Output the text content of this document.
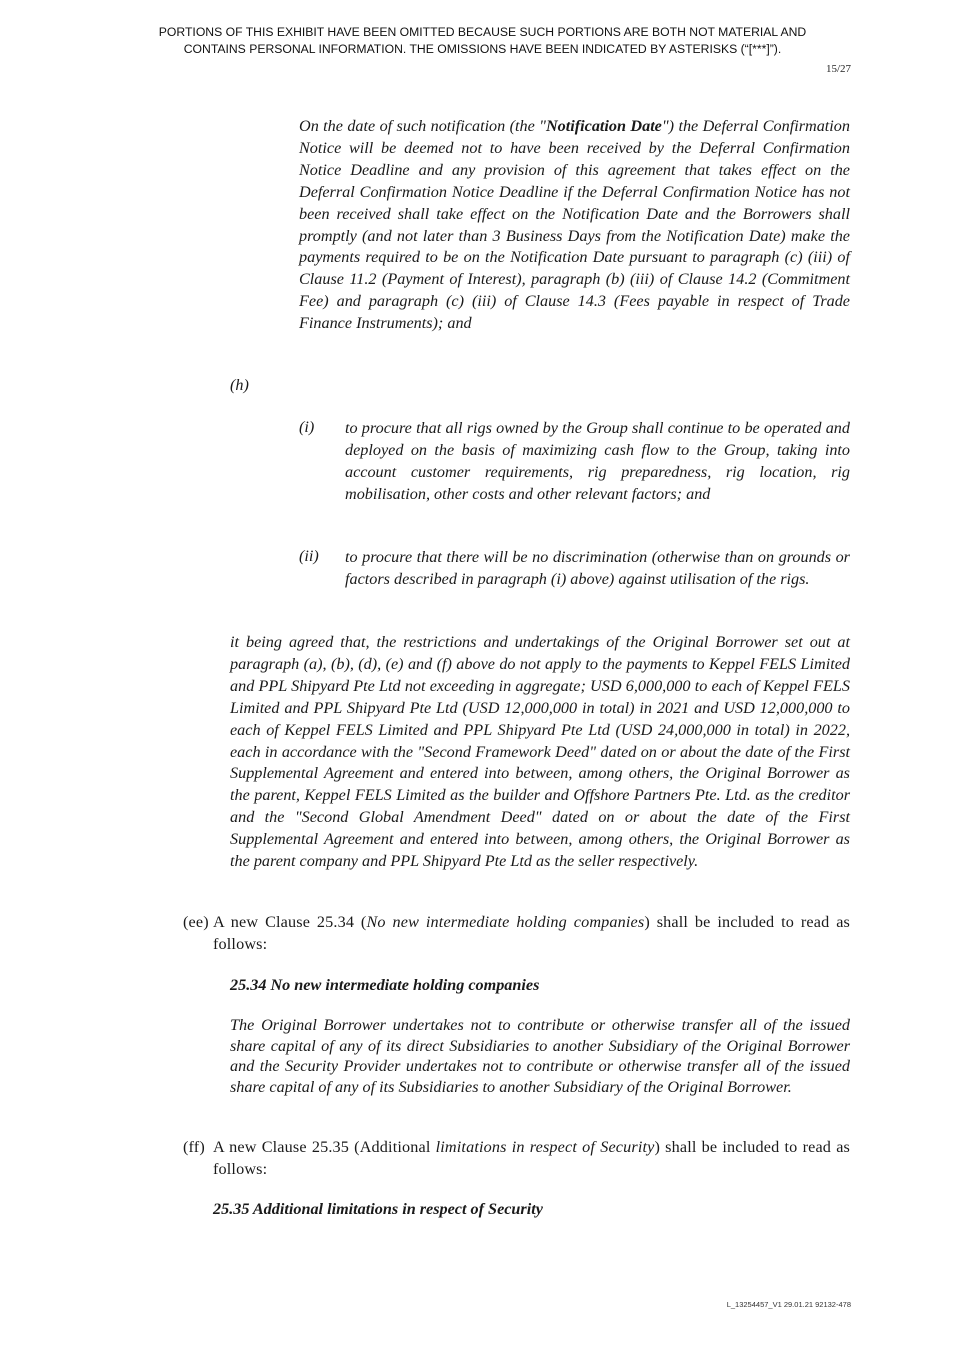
PORTIONS OF THIS EXHIBIT HAVE BEEN OMITTED BECAUSE SUCH PORTIONS ARE BOTH NOT MATERIAL AND
CONTAINS PERSONAL INFORMATION. THE OMISSIONS HAVE BEEN INDICATED BY ASTERISKS (“[***]”).
15/27

On the date of such notification (the "Notification Date") the Deferral Confirmation Notice will be deemed not to have been received by the Deferral Confirmation Notice Deadline and any provision of this agreement that takes effect on the Deferral Confirmation Notice Deadline if the Deferral Confirmation Notice has not been received shall take effect on the Notification Date and the Borrowers shall promptly (and not later than 3 Business Days from the Notification Date) make the payments required to be on the Notification Date pursuant to paragraph (c) (iii) of Clause 11.2 (Payment of Interest), paragraph (b) (iii) of Clause 14.2 (Commitment Fee) and paragraph (c) (iii) of Clause 14.3 (Fees payable in respect of Trade Finance Instruments); and

(h)
(i) to procure that all rigs owned by the Group shall continue to be operated and deployed on the basis of maximizing cash flow to the Group, taking into account customer requirements, rig preparedness, rig location, rig mobilisation, other costs and other relevant factors; and

(ii) to procure that there will be no discrimination (otherwise than on grounds or factors described in paragraph (i) above) against utilisation of the rigs.

it being agreed that, the restrictions and undertakings of the Original Borrower set out at paragraph (a), (b), (d), (e) and (f) above do not apply to the payments to Keppel FELS Limited and PPL Shipyard Pte Ltd not exceeding in aggregate; USD 6,000,000 to each of Keppel FELS Limited and PPL Shipyard Pte Ltd (USD 12,000,000 in total) in 2021 and USD 12,000,000 to each of Keppel FELS Limited and PPL Shipyard Pte Ltd (USD 24,000,000 in total) in 2022, each in accordance with the "Second Framework Deed" dated on or about the date of the First Supplemental Agreement and entered into between, among others, the Original Borrower as the parent, Keppel FELS Limited as the builder and Offshore Partners Pte. Ltd. as the creditor and the "Second Global Amendment Deed" dated on or about the date of the First Supplemental Agreement and entered into between, among others, the Original Borrower as the parent company and PPL Shipyard Pte Ltd as the seller respectively.

(ee) A new Clause 25.34 (No new intermediate holding companies) shall be included to read as follows:

25.34 No new intermediate holding companies

The Original Borrower undertakes not to contribute or otherwise transfer all of the issued share capital of any of its direct Subsidiaries to another Subsidiary of the Original Borrower and the Security Provider undertakes not to contribute or otherwise transfer all of the issued share capital of any of its Subsidiaries to another Subsidiary of the Original Borrower.

(ff) A new Clause 25.35 (Additional limitations in respect of Security) shall be included to read as follows:

25.35 Additional limitations in respect of Security

L_13254457_V1 29.01.21 92132-478
